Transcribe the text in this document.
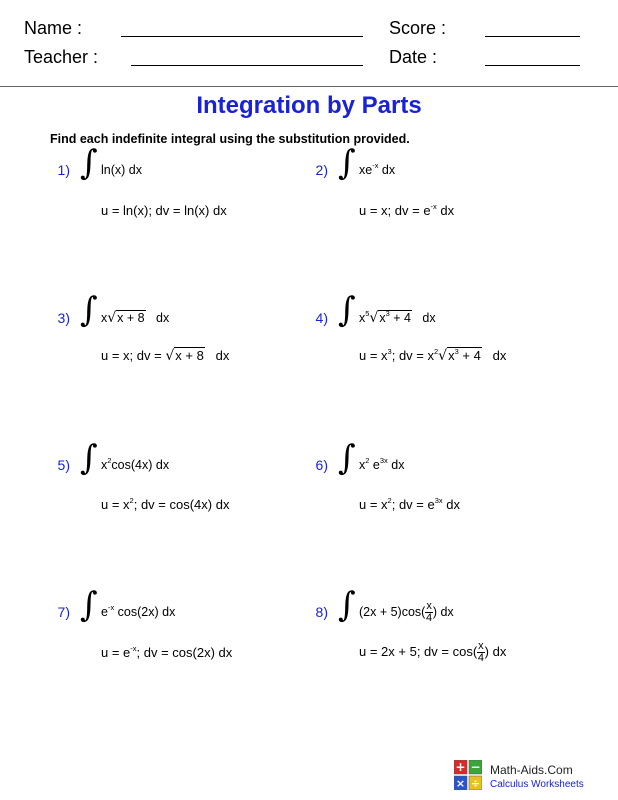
Name :	Score :
Teacher :	Date :
Integration by Parts
Find each indefinite integral using the substitution provided.
1) ∫ ln(x) dx
u = ln(x); dv = ln(x) dx
2) ∫ $xe^{-x}$ dx
u = x; dv = $e^{-x}$ dx
3) ∫ x√x + 8   dx
u = x; dv = √x + 8   dx
4) ∫ $x^5√x^3 + 4$   dx
$u = x^3$; dv = $x^2√x^3 + 4$   dx
5) ∫ $x^2\cos(4x)$ dx
$u = x^2$; dv = cos(4x) dx
6) ∫ $x^2$ $e^{3x}$ dx
$u = x^2$; dv = $e^{3x}$ dx
7) ∫ $e^{-x}$ cos(2x) dx
$u = e^{-x}$; dv = cos(2x) dx
8) ∫ $(2x + 5)\cos( \frac{x}{4}$ ) dx
u = 2x + 5; dv = $\cos( \frac{x}{4}$ ) dx
+ −
× ÷
Math-Aids.Com
Calculus Worksheets
